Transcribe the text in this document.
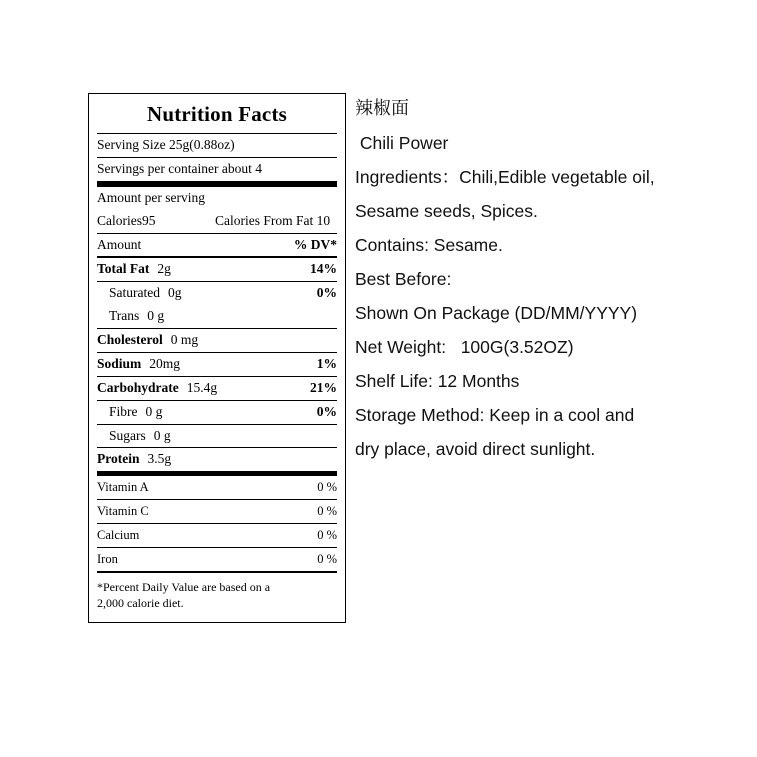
Nutrition Facts
Serving Size 25g(0.88oz)
Servings per container about 4
Amount per serving
Calories95	Calories From Fat 10
Amount	% DV*
Total Fat 2g	14%
Saturated 0g	0%
Trans 0 g
Cholesterol 0 mg
Sodium 20mg	1%
Carbohydrate 15.4g	21%
Fibre 0 g	0%
Sugars 0 g
Protein 3.5g
Vitamin A	0 %
Vitamin C	0 %
Calcium	0 %
Iron	0 %
*Percent Daily Value are based on a
2,000 calorie diet.
辣椒面
Chili Power
Ingredients：Chili,Edible vegetable oil,
Sesame seeds, Spices.
Contains: Sesame.
Best Before:
Shown On Package (DD/MM/YYYY)
Net Weight:   100G(3.52OZ)
Shelf Life: 12 Months
Storage Method: Keep in a cool and
dry place, avoid direct sunlight.
